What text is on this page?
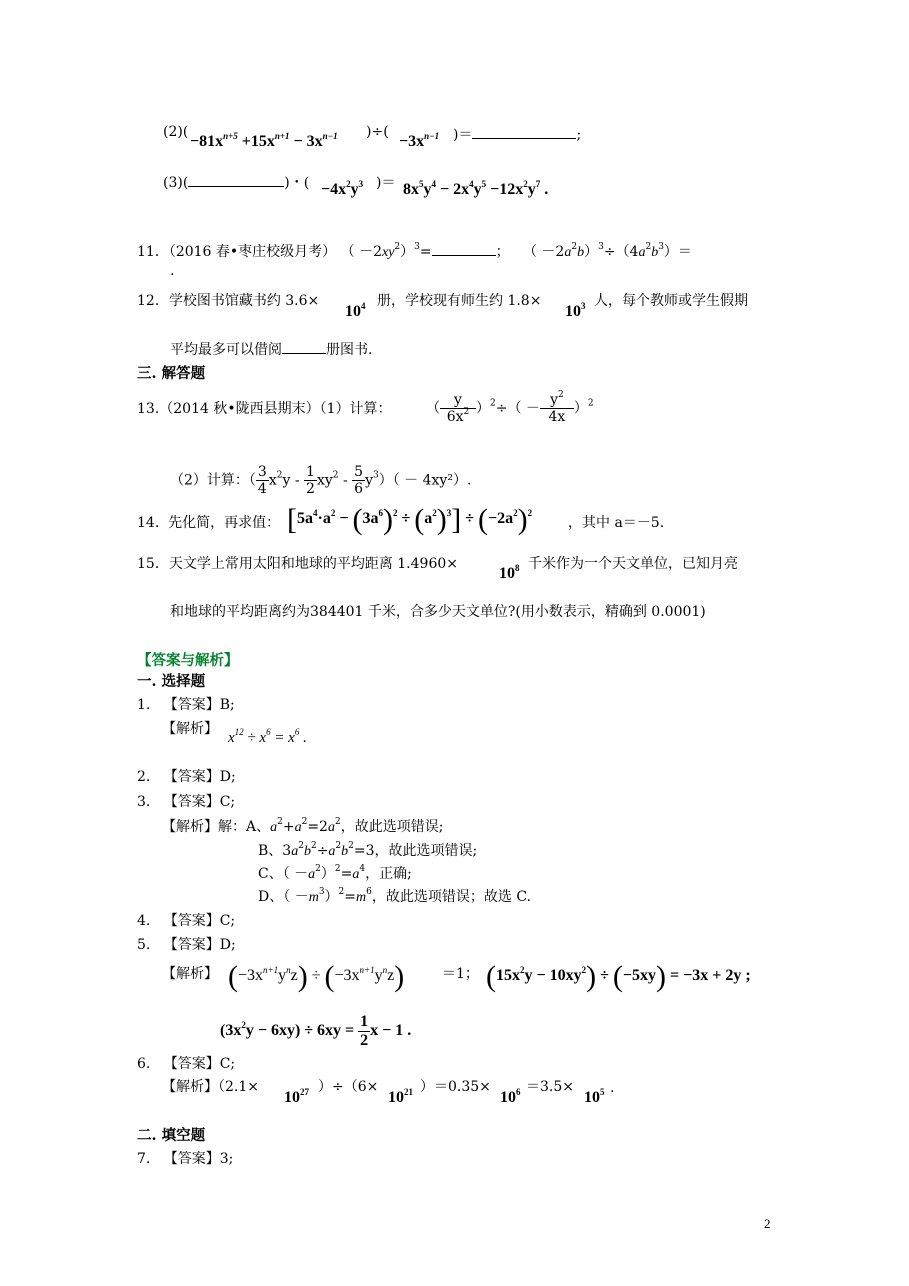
(2)(
$-81x^{n+5} +15x^{n+1} - 3x^{n-1}$ )÷(
$-3x^{n-1}$ )＝	;
(3)(	)・( $-4x^2y^3$ )＝ $8x^5y^4 - 2x^4y^5 -12x^2y^7$ .
11．（2016 春•枣庄校级月考） （ $-2xy^2)^3=$	； （ $-2a^2b)^3\div(4a^2b^3)=$
.
12．学校图书馆藏书约 3.6×
$10^4$ 册，学校现有师生约 1.8×
$10^3$ 人，每个教师或学生假期
平均最多可以借阅	册图书.
三. 解答题
13.（2014 秋•陇西县期末）（1）计算： （ $\frac{y}{6x^2} )^2\div( - \frac{y^2}{4x} )^2$
（2）计算：（ $\frac{3}{4} x^2y - \frac{1}{2} xy^2 - \frac{5}{6} y^3)( - 4xy^2)$.
14. 先化简，再求值： $[5a^4\cdot a^2 - (3a^6)^2 \div (a^2)^3] \div (-2a^2)^2$
，其中 a＝－5.
15．天文学上常用太阳和地球的平均距离 1.4960×
$10^8$ 千米作为一个天文单位，已知月亮
和地球的平均距离约为384401 千米，合多少天文单位?(用小数表示，精确到 0.0001)
【答案与解析】
一. 选择题
1. 【答案】B;
【解析】
$x^{12} \div x^6 = x^6$ .
2. 【答案】D;
3. 【答案】C;
【解析】解：A、$a^2+a^2=2a^2$，故此选项错误;
B、$3a^2b^2\div a^2b^2=3$，故此选项错误;
C、（ $-a^2)^2=a^4$，正确;
D、（ $-m^3)^2=m^6$，故此选项错误；故选 C.
4. 【答案】C;
5. 【答案】D;
【解析】 $(-3x^{n+1}y^nz) \div (-3x^{n+1}y^nz)$	＝1； $(15x^2y - 10xy^2) \div (-5xy) = -3x + 2y$ ;
$(3x^2y - 6xy) \div 6xy = \frac{1}{2}$ x − 1 .
6. 【答案】C;
【解析】（2.1×
$10^{27}$ ）÷（6×
$10^{21}$ ）＝0.35×
$10^6 =3.5\times$
$10^5$ .
二. 填空题
7. 【答案】3;
2
